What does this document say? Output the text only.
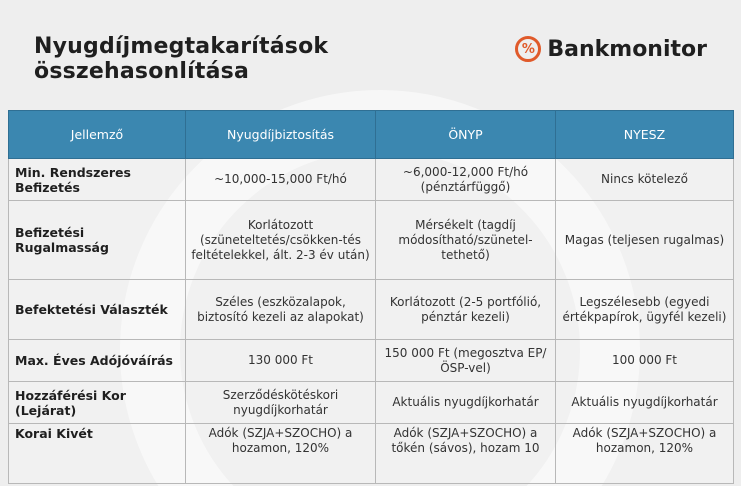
Nyugdíjmegtakarítások
összehasonlítása
% Bankmonitor
Jellemző	Nyugdíjbiztosítás	ÖNYP	NYESZ
Min. Rendszeres Befizetés	~10,000-15,000 Ft/hó	~6,000-12,000 Ft/hó (pénztárfüggő)	Nincs kötelező
Befizetési Rugalmasság	Korlátozott (szüneteltetés/csökken-tés feltételekkel, ált. 2-3 év után)	Mérsékelt (tagdíj módosítható/szünetel-tethető)	Magas (teljesen rugalmas)
Befektetési Választék	Széles (eszközalapok, biztosító kezeli az alapokat)	Korlátozott (2-5 portfólió, pénztár kezeli)	Legszélesebb (egyedi értékpapírok, ügyfél kezeli)
Max. Éves Adójóváírás	130 000 Ft	150 000 Ft (megosztva EP/ÖSP-vel)	100 000 Ft
Hozzáférési Kor (Lejárat)	Szerződéskötéskori nyugdíjkorhatár	Aktuális nyugdíjkorhatár	Aktuális nyugdíjkorhatár
Korai Kivét	Adók (SZJA+SZOCHO) a hozamon, 120%	Adók (SZJA+SZOCHO) a tőkén (sávos), hozam 10	Adók (SZJA+SZOCHO) a hozamon, 120%
